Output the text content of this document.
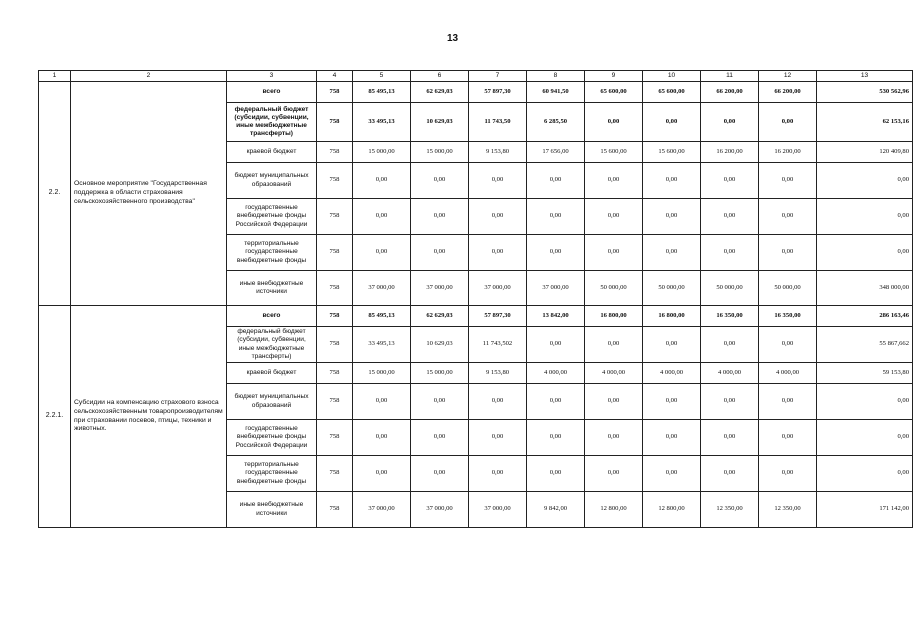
13
1	2	3	4	5	6	7	8	9	10	11	12	13
2.2.	Основное мероприятие "Государственная поддержка в области страхования сельскохозяйственного производства"	всего	758	85 495,13	62 629,03	57 897,30	60 941,50	65 600,00	65 600,00	66 200,00	66 200,00	530 562,96
		федеральный бюджет (субсидии, субвенции, иные межбюджетные трансферты)	758	33 495,13	10 629,03	11 743,50	6 285,50	0,00	0,00	0,00	0,00	62 153,16
		краевой бюджет	758	15 000,00	15 000,00	9 153,80	17 656,00	15 600,00	15 600,00	16 200,00	16 200,00	120 409,80
		бюджет муниципальных образований	758	0,00	0,00	0,00	0,00	0,00	0,00	0,00	0,00	0,00
		государственные внебюджетные фонды Российской Федерации	758	0,00	0,00	0,00	0,00	0,00	0,00	0,00	0,00	0,00
		территориальные государственные внебюджетные фонды	758	0,00	0,00	0,00	0,00	0,00	0,00	0,00	0,00	0,00
		иные внебюджетные источники	758	37 000,00	37 000,00	37 000,00	37 000,00	50 000,00	50 000,00	50 000,00	50 000,00	348 000,00
2.2.1.	Субсидии на компенсацию страхового взноса сельскохозяйственным товаропроизводителям при страховании посевов, птицы, техники и животных.	всего	758	85 495,13	62 629,03	57 897,30	13 842,00	16 800,00	16 800,00	16 350,00	16 350,00	286 163,46
		федеральный бюджет (субсидии, субвенции, иные межбюджетные трансферты)	758	33 495,13	10 629,03	11 743,502	0,00	0,00	0,00	0,00	0,00	55 867,662
		краевой бюджет	758	15 000,00	15 000,00	9 153,80	4 000,00	4 000,00	4 000,00	4 000,00	4 000,00	59 153,80
		бюджет муниципальных образований	758	0,00	0,00	0,00	0,00	0,00	0,00	0,00	0,00	0,00
		государственные внебюджетные фонды Российской Федерации	758	0,00	0,00	0,00	0,00	0,00	0,00	0,00	0,00	0,00
		территориальные государственные внебюджетные фонды	758	0,00	0,00	0,00	0,00	0,00	0,00	0,00	0,00	0,00
		иные внебюджетные источники	758	37 000,00	37 000,00	37 000,00	9 842,00	12 800,00	12 800,00	12 350,00	12 350,00	171 142,00
